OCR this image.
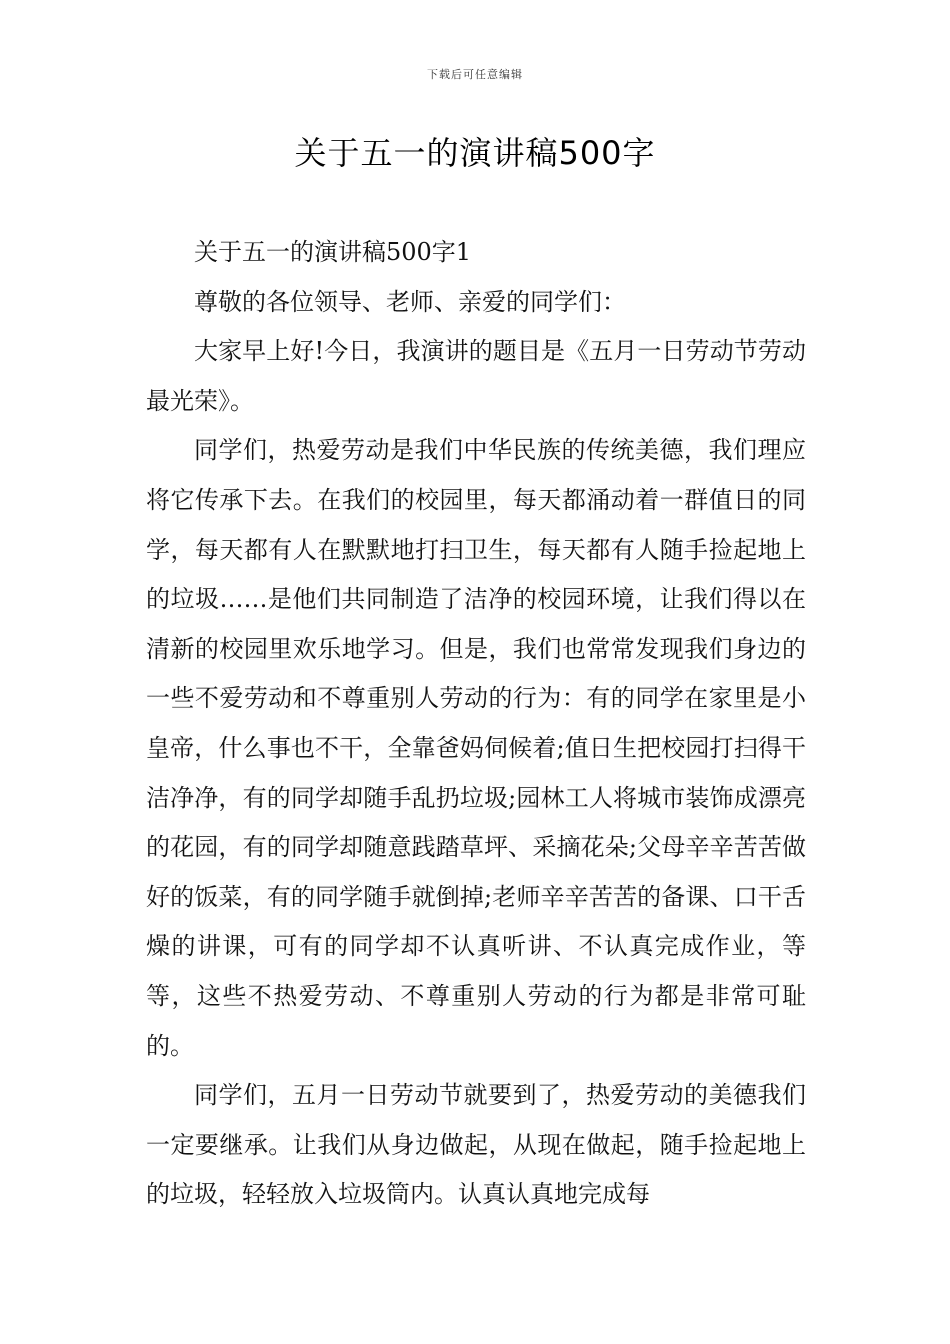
下载后可任意编辑
关于五一的演讲稿500字

关于五一的演讲稿500字1

尊敬的各位领导、老师、亲爱的同学们：

大家早上好!今日，我演讲的题目是《五月一日劳动节劳动最光荣》。

同学们，热爱劳动是我们中华民族的传统美德，我们理应将它传承下去。在我们的校园里，每天都涌动着一群值日的同学，每天都有人在默默地打扫卫生，每天都有人随手捡起地上的垃圾……是他们共同制造了洁净的校园环境，让我们得以在清新的校园里欢乐地学习。但是，我们也常常发现我们身边的一些不爱劳动和不尊重别人劳动的行为：有的同学在家里是小皇帝，什么事也不干，全靠爸妈伺候着;值日生把校园打扫得干洁净净，有的同学却随手乱扔垃圾;园林工人将城市装饰成漂亮的花园，有的同学却随意践踏草坪、采摘花朵;父母辛辛苦苦做好的饭菜，有的同学随手就倒掉;老师辛辛苦苦的备课、口干舌燥的讲课，可有的同学却不认真听讲、不认真完成作业，等等，这些不热爱劳动、不尊重别人劳动的行为都是非常可耻的。

同学们，五月一日劳动节就要到了，热爱劳动的美德我们一定要继承。让我们从身边做起，从现在做起，随手捡起地上的垃圾，轻轻放入垃圾筒内。认真认真地完成每
